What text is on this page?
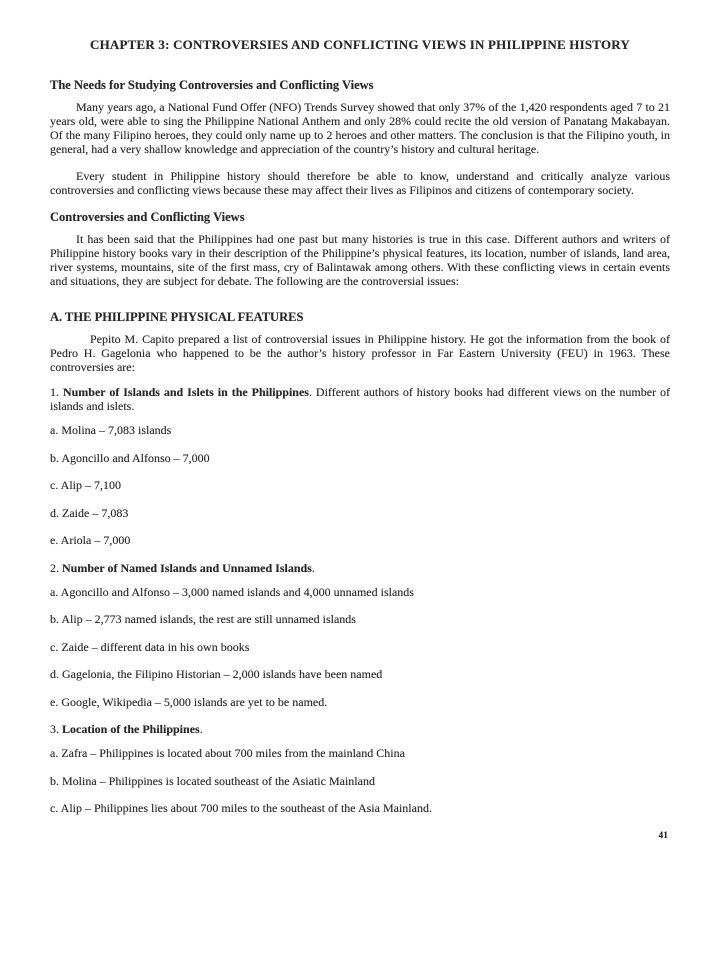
CHAPTER 3: CONTROVERSIES AND CONFLICTING VIEWS IN PHILIPPINE HISTORY
The Needs for Studying Controversies and Conflicting Views

Many years ago, a National Fund Offer (NFO) Trends Survey showed that only 37% of the 1,420 respondents aged 7 to 21 years old, were able to sing the Philippine National Anthem and only 28% could recite the old version of Panatang Makabayan. Of the many Filipino heroes, they could only name up to 2 heroes and other matters. The conclusion is that the Filipino youth, in general, had a very shallow knowledge and appreciation of the country’s history and cultural heritage.

Every student in Philippine history should therefore be able to know, understand and critically analyze various controversies and conflicting views because these may affect their lives as Filipinos and citizens of contemporary society.

Controversies and Conflicting Views

It has been said that the Philippines had one past but many histories is true in this case. Different authors and writers of Philippine history books vary in their description of the Philippine’s physical features, its location, number of islands, land area, river systems, mountains, site of the first mass, cry of Balintawak among others. With these conflicting views in certain events and situations, they are subject for debate. The following are the controversial issues:

A. THE PHILIPPINE PHYSICAL FEATURES

Pepito M. Capito prepared a list of controversial issues in Philippine history. He got the information from the book of Pedro H. Gagelonia who happened to be the author’s history professor in Far Eastern University (FEU) in 1963. These controversies are:

1. Number of Islands and Islets in the Philippines. Different authors of history books had different views on the number of islands and islets.

a. Molina – 7,083 islands

b. Agoncillo and Alfonso – 7,000

c. Alip – 7,100

d. Zaide – 7,083

e. Ariola – 7,000

2. Number of Named Islands and Unnamed Islands.

a. Agoncillo and Alfonso – 3,000 named islands and 4,000 unnamed islands

b. Alip – 2,773 named islands, the rest are still unnamed islands

c. Zaide – different data in his own books

d. Gagelonia, the Filipino Historian – 2,000 islands have been named

e. Google, Wikipedia – 5,000 islands are yet to be named.

3. Location of the Philippines.

a. Zafra – Philippines is located about 700 miles from the mainland China

b. Molina – Philippines is located southeast of the Asiatic Mainland

c. Alip – Philippines lies about 700 miles to the southeast of the Asia Mainland.

41
